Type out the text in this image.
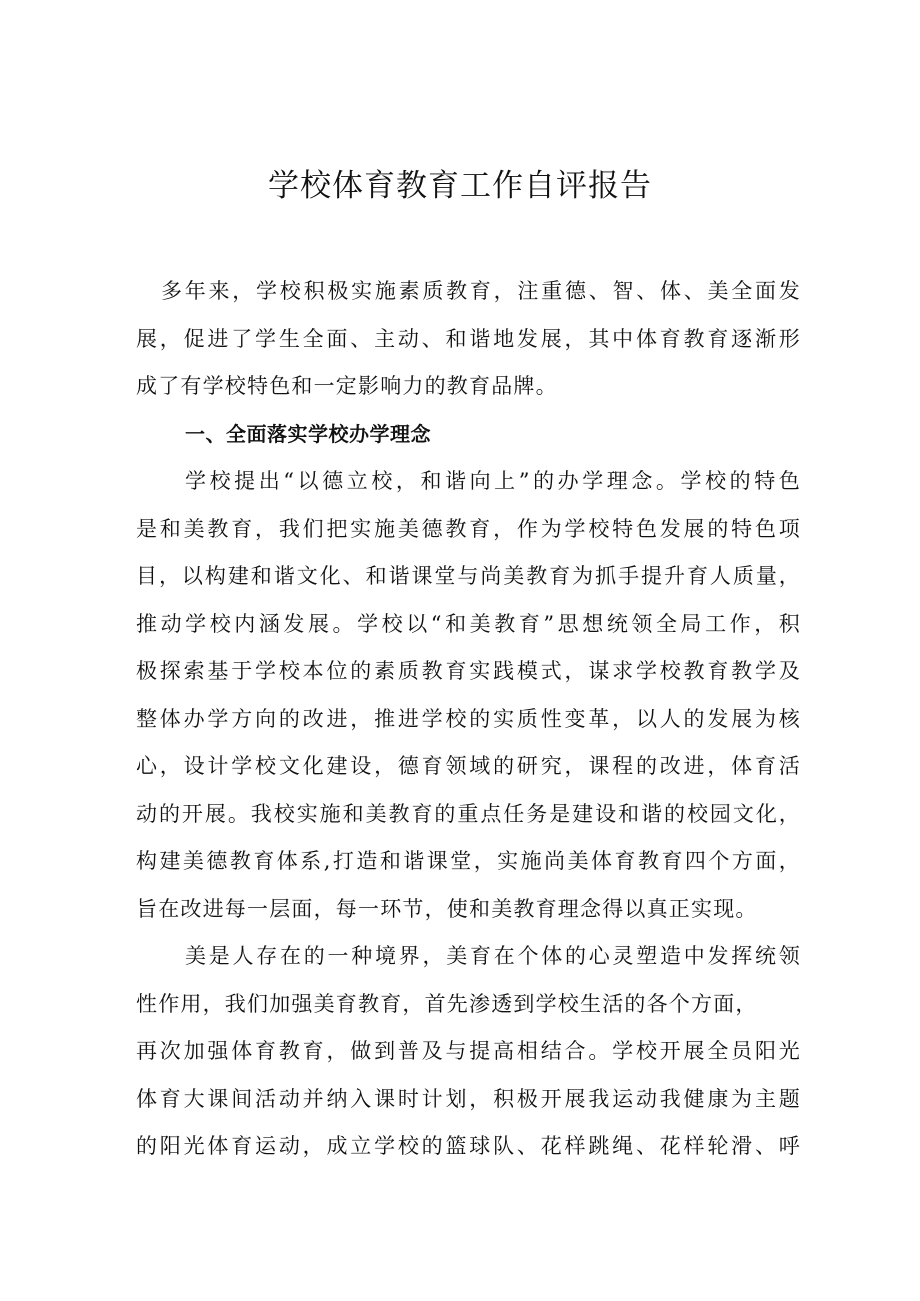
学校体育教育工作自评报告
多年来，学校积极实施素质教育，注重德、智、体、美全面发
展，促进了学生全面、主动、和谐地发展，其中体育教育逐渐形
成了有学校特色和一定影响力的教育品牌。
一、全面落实学校办学理念
学校提出“以德立校，和谐向上”的办学理念。学校的特色
是和美教育，我们把实施美德教育，作为学校特色发展的特色项
目，以构建和谐文化、和谐课堂与尚美教育为抓手提升育人质量，
推动学校内涵发展。学校以“和美教育”思想统领全局工作，积
极探索基于学校本位的素质教育实践模式，谋求学校教育教学及
整体办学方向的改进，推进学校的实质性变革，以人的发展为核
心，设计学校文化建设，德育领域的研究，课程的改进，体育活
动的开展。我校实施和美教育的重点任务是建设和谐的校园文化，
构建美德教育体系,打造和谐课堂，实施尚美体育教育四个方面，
旨在改进每一层面，每一环节，使和美教育理念得以真正实现。
美是人存在的一种境界，美育在个体的心灵塑造中发挥统领
性作用，我们加强美育教育，首先渗透到学校生活的各个方面，
再次加强体育教育，做到普及与提高相结合。学校开展全员阳光
体育大课间活动并纳入课时计划，积极开展我运动我健康为主题
的阳光体育运动，成立学校的篮球队、花样跳绳、花样轮滑、呼
